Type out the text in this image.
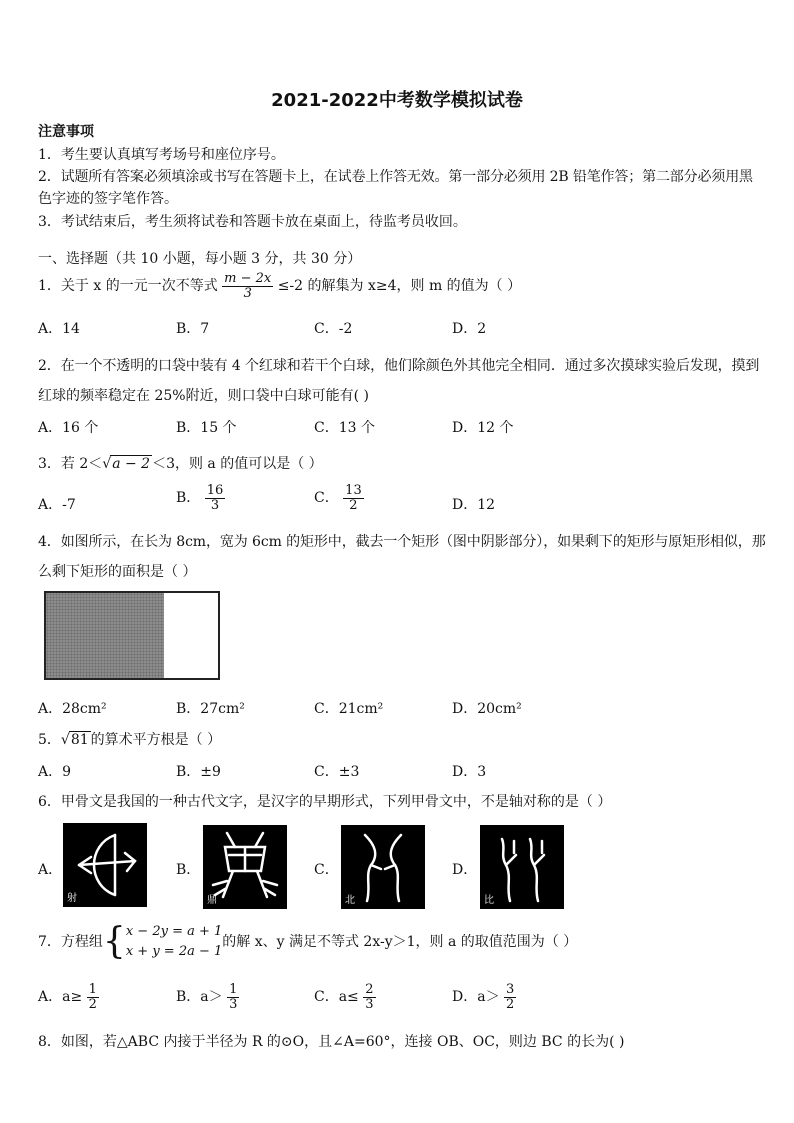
2021-2022中考数学模拟试卷
注意事项
1．考生要认真填写考场号和座位序号。
2．试题所有答案必须填涂或书写在答题卡上，在试卷上作答无效。第一部分必须用 2B 铅笔作答；第二部分必须用黑
色字迹的签字笔作答。
3．考试结束后，考生须将试卷和答题卡放在桌面上，待监考员收回。
一、选择题（共 10 小题，每小题 3 分，共 30 分）
1．关于 x 的一元一次不等式 $\frac{m - 2x}{3} \le-2$ 的解集为 x≥4，则 m 的值为（ ）
A．14	B．7	C．-2	D．2
2．在一个不透明的口袋中装有 4 个红球和若干个白球，他们除颜色外其他完全相同．通过多次摸球实验后发现，摸到
红球的频率稳定在 25%附近，则口袋中白球可能有( )
A．16 个	B．15 个	C．13 个	D．12 个
3．若 2＜√a − 2 ＜3，则 a 的值可以是（ ）
A．-7	B． $\frac{16}{3}$	C． $\frac{13}{2}$	D．12
4．如图所示，在长为 8cm，宽为 6cm 的矩形中，截去一个矩形（图中阴影部分），如果剩下的矩形与原矩形相似，那
么剩下矩形的面积是（ ）
A．28cm²	B．27cm²	C．21cm²	D．20cm²
5．√81 的算术平方根是（ ）
A．9	B．±9	C．±3	D．3
6．甲骨文是我国的一种古代文字，是汉字的早期形式，下列甲骨文中，不是轴对称的是（ ）
A．
射
B．
鼎
C．
北
D．
比
7．方程组{ x − 2y = a + 1
x + y = 2a − 1
的解 x、y 满足不等式 2x-y＞1，则 a 的取值范围为（ ）
A．$a\ge \frac{1}{2}$	B．$a> \frac{1}{3}$	C．$a\le \frac{2}{3}$	D．$a> \frac{3}{2}$
8．如图，若△ABC 内接于半径为 R 的⊙O，且∠A=60°，连接 OB、OC，则边 BC 的长为( )
